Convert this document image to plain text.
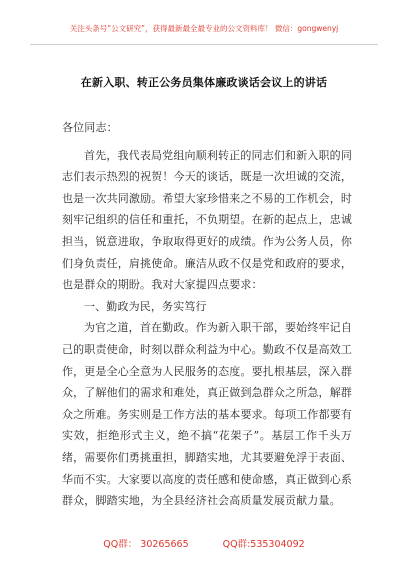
关注头条号“公文研究”，获得最新最全最专业的公文资料库！ 微信：gongwenyj
在新入职、转正公务员集体廉政谈话会议上的讲话

各位同志：

首先，我代表局党组向顺利转正的同志们和新入职的同志们表示热烈的祝贺！今天的谈话，既是一次坦诚的交流，也是一次共同激励。希望大家珍惜来之不易的工作机会，时刻牢记组织的信任和重托，不负期望。在新的起点上，忠诚担当，锐意进取，争取取得更好的成绩。作为公务人员，你们身负责任，肩挑使命。廉洁从政不仅是党和政府的要求，也是群众的期盼。我对大家提四点要求：

一、勤政为民，务实笃行

为官之道，首在勤政。作为新入职干部，要始终牢记自己的职责使命，时刻以群众利益为中心。勤政不仅是高效工作，更是全心全意为人民服务的态度。要扎根基层，深入群众，了解他们的需求和难处，真正做到急群众之所急，解群众之所难。务实则是工作方法的基本要求。每项工作都要有实效，拒绝形式主义，绝不搞“花架子”。基层工作千头万绪，需要你们勇挑重担，脚踏实地，尤其要避免浮于表面、华而不实。大家要以高度的责任感和使命感，真正做到心系群众，脚踏实地，为全县经济社会高质量发展贡献力量。

QQ群： 30265665	QQ群:535304092
